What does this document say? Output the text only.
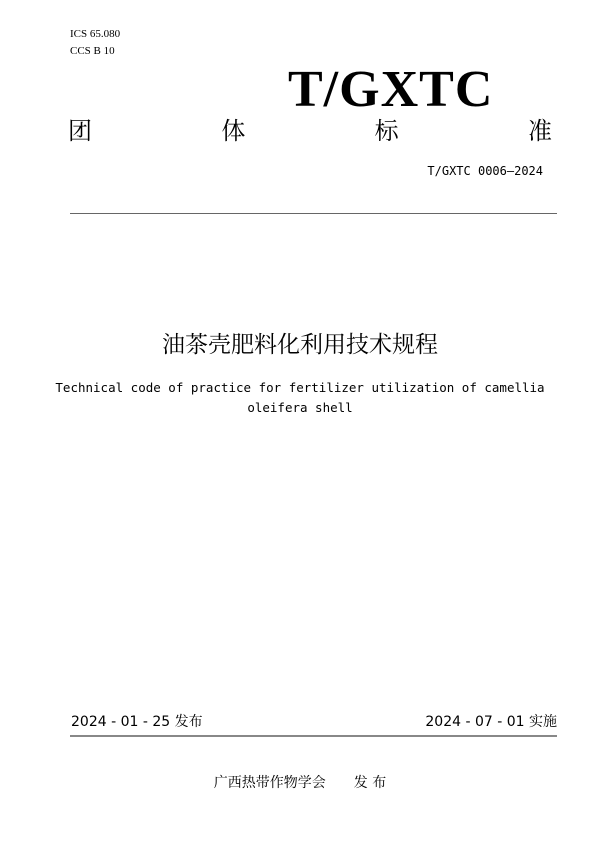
ICS 65.080
CCS B 10
T/GXTC
团	体	标	准
T/GXTC 0006—2024
油茶壳肥料化利用技术规程
Technical code of practice for fertilizer utilization of camellia
oleifera shell
2024 - 01 - 25 发布	2024 - 07 - 01 实施
广西热带作物学会　　发 布
